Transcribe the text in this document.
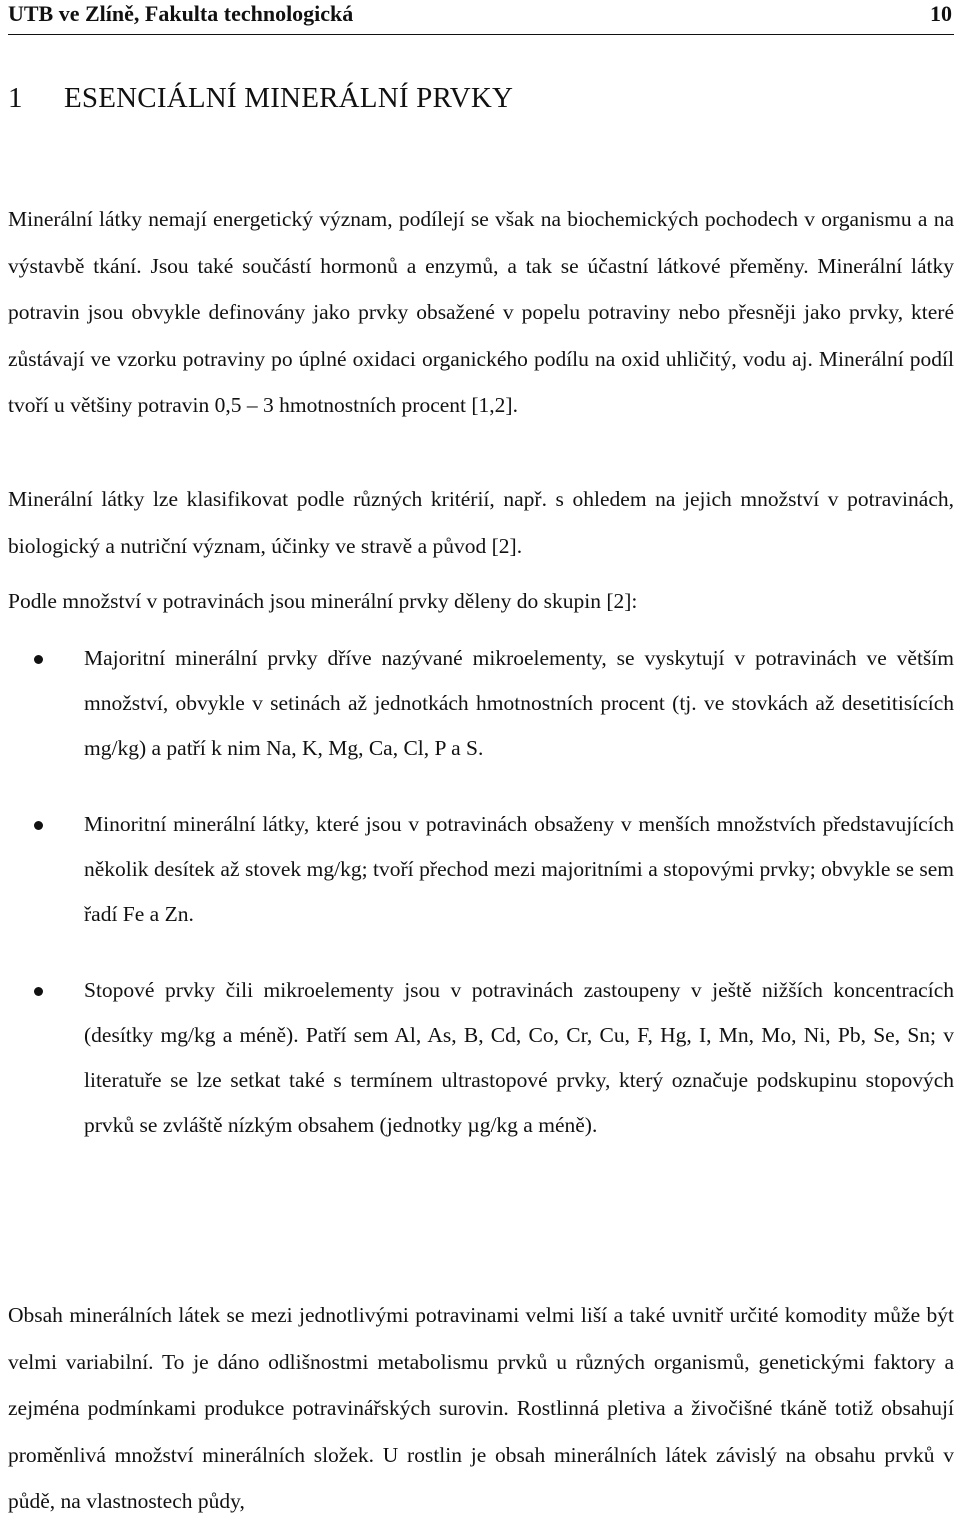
UTB ve Zlíně, Fakulta technologická	10
1 ESENCIÁLNÍ MINERÁLNÍ PRVKY

Minerální látky nemají energetický význam, podílejí se však na biochemických pochodech v organismu a na výstavbě tkání. Jsou také součástí hormonů a enzymů, a tak se účastní látkové přeměny. Minerální látky potravin jsou obvykle definovány jako prvky obsažené v popelu potraviny nebo přesněji jako prvky, které zůstávají ve vzorku potraviny po úplné oxidaci organického podílu na oxid uhličitý, vodu aj. Minerální podíl tvoří u většiny potravin 0,5 – 3 hmotnostních procent [1,2].

Minerální látky lze klasifikovat podle různých kritérií, např. s ohledem na jejich množství v potravinách, biologický a nutriční význam, účinky ve stravě a původ [2].

Podle množství v potravinách jsou minerální prvky děleny do skupin [2]:

Majoritní minerální prvky dříve nazývané mikroelementy, se vyskytují v potravinách ve větším množství, obvykle v setinách až jednotkách hmotnostních procent (tj. ve stovkách až desetitisících mg/kg) a patří k nim Na, K, Mg, Ca, Cl, P a S.
Minoritní minerální látky, které jsou v potravinách obsaženy v menších množstvích představujících několik desítek až stovek mg/kg; tvoří přechod mezi majoritními a stopovými prvky; obvykle se sem řadí Fe a Zn.
Stopové prvky čili mikroelementy jsou v potravinách zastoupeny v ještě nižších koncentracích (desítky mg/kg a méně). Patří sem Al, As, B, Cd, Co, Cr, Cu, F, Hg, I, Mn, Mo, Ni, Pb, Se, Sn; v literatuře se lze setkat také s termínem ultrastopové prvky, který označuje podskupinu stopových prvků se zvláště nízkým obsahem (jednotky µg/kg a méně).

Obsah minerálních látek se mezi jednotlivými potravinami velmi liší a také uvnitř určité komodity může být velmi variabilní. To je dáno odlišnostmi metabolismu prvků u různých organismů, genetickými faktory a zejména podmínkami produkce potravinářských surovin. Rostlinná pletiva a živočišné tkáně totiž obsahují proměnlivá množství minerálních složek. U rostlin je obsah minerálních látek závislý na obsahu prvků v půdě, na vlastnostech půdy,
